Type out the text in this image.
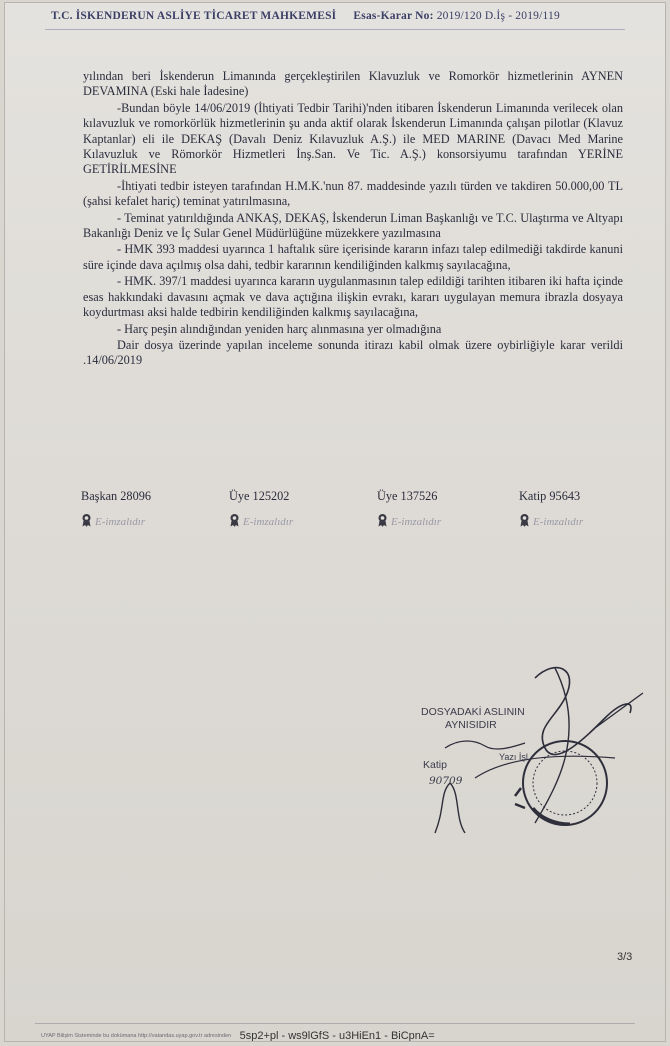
T.C. İSKENDERUN ASLİYE TİCARET MAHKEMESİ Esas-Karar No: 2019/120 D.İş - 2019/119

yılından beri İskenderun Limanında gerçekleştirilen Klavuzluk ve Romorkör hizmetlerinin AYNEN DEVAMINA (Eski hale İadesine)

-Bundan böyle 14/06/2019 (İhtiyati Tedbir Tarihi)'nden itibaren İskenderun Limanında verilecek olan kılavuzluk ve romorkörlük hizmetlerinin şu anda aktif olarak İskenderun Limanında çalışan pilotlar (Klavuz Kaptanlar) eli ile DEKAŞ (Davalı Deniz Kılavuzluk A.Ş.) ile MED MARINE (Davacı Med Marine Kılavuzluk ve Römorkör Hizmetleri İnş.San. Ve Tic. A.Ş.) konsorsiyumu tarafından YERİNE GETİRİLMESİNE

-İhtiyati tedbir isteyen tarafından H.M.K.'nun 87. maddesinde yazılı türden ve takdiren 50.000,00 TL (şahsi kefalet hariç) teminat yatırılmasına,

- Teminat yatırıldığında ANKAŞ, DEKAŞ, İskenderun Liman Başkanlığı ve T.C. Ulaştırma ve Altyapı Bakanlığı Deniz ve İç Sular Genel Müdürlüğüne müzekkere yazılmasına

- HMK 393 maddesi uyarınca 1 haftalık süre içerisinde kararın infazı talep edilmediği takdirde kanuni süre içinde dava açılmış olsa dahi, tedbir kararının kendiliğinden kalkmış sayılacağına,

- HMK. 397/1 maddesi uyarınca kararın uygulanmasının talep edildiği tarihten itibaren iki hafta içinde esas hakkındaki davasını açmak ve dava açtığına ilişkin evrakı, kararı uygulayan memura ibrazla dosyaya koydurtması aksi halde tedbirin kendiliğinden kalkmış sayılacağına,

- Harç peşin alındığından yeniden harç alınmasına yer olmadığına

Dair dosya üzerinde yapılan inceleme sonunda itirazı kabil olmak üzere oybirliğiyle karar verildi .14/06/2019

Başkan 28096
E-imzalıdır
Üye 125202
E-imzalıdır
Üye 137526
E-imzalıdır
Katip 95643
E-imzalıdır
DOSYADAKİ ASLININ
AYNISIDIR
Katip
90709
Yazı İşl
3/3
UYAP Bilişim Sisteminde bu dokümana http://vatandas.uyap.gov.tr adresinden 5sp2+pl - ws9lGfS - u3HiEn1 - BiCpnA=
